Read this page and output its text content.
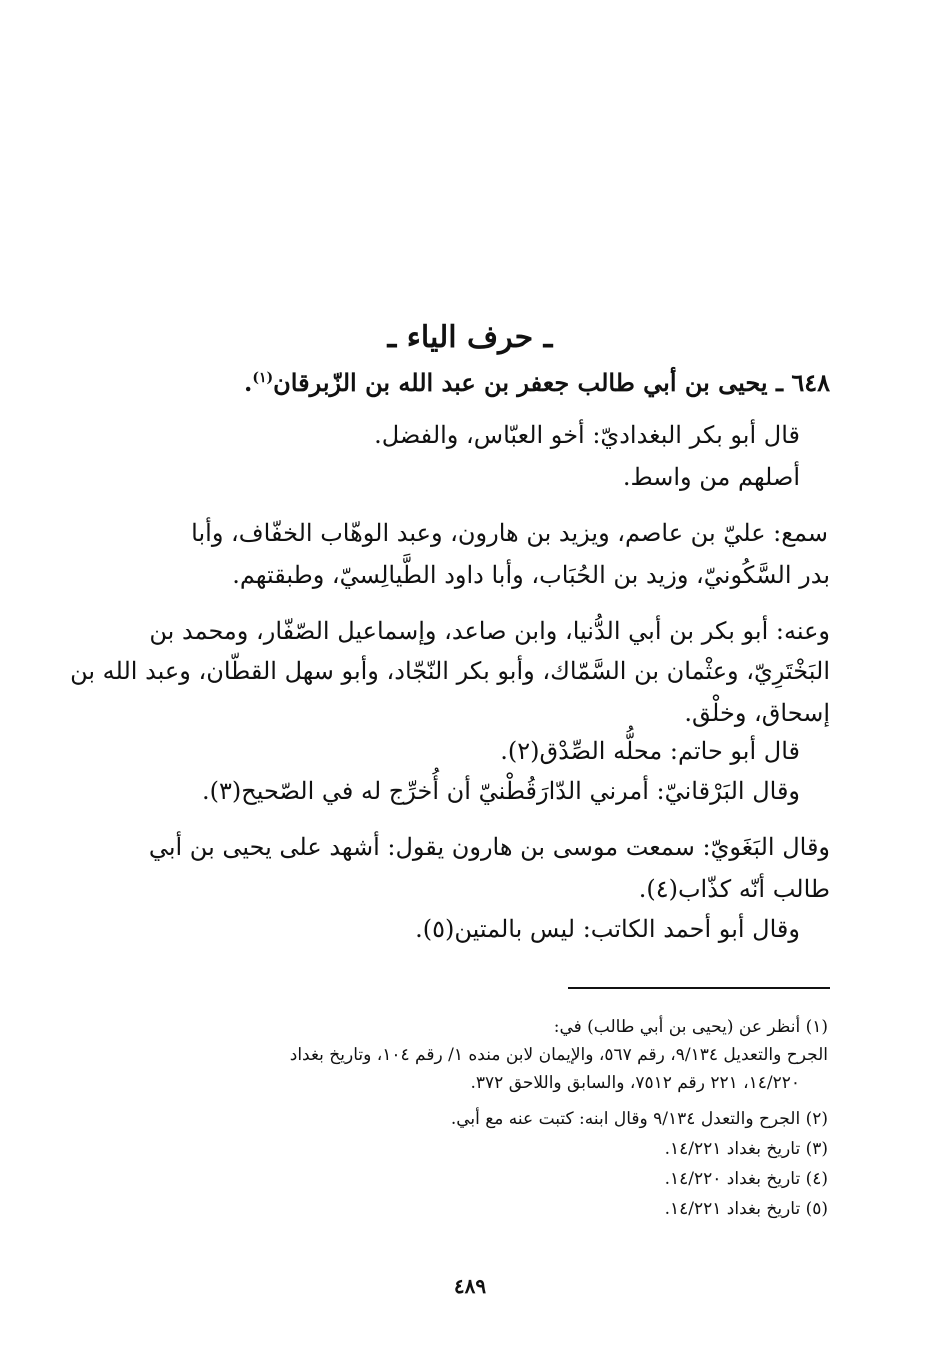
ـ حرف الياء ـ
٦٤٨ ـ يحيى بن أبي طالب جعفر بن عبد الله بن الزّبرقان$^{(١)}$.
قال أبو بكر البغداديّ: أخو العبّاس، والفضل.
أصلهم من واسط.
سمع: عليّ بن عاصم، ويزيد بن هارون، وعبد الوهّاب الخفّاف، وأبا
بدر السَّكُونيّ، وزيد بن الحُبَاب، وأبا داود الطَّيالِسيّ، وطبقتهم.
وعنه: أبو بكر بن أبي الدُّنيا، وابن صاعد، وإسماعيل الصّفّار، ومحمد بن
البَخْتَرِيّ، وعثْمان بن السَّمّاك، وأبو بكر النّجّاد، وأبو سهل القطّان، وعبد الله بن
إسحاق، وخلْق.
قال أبو حاتم: محلُّه الصِّدْق(٢).
وقال البَرْقانيّ: أمرني الدّارَقُطْنيّ أن أُخرِّج له في الصّحيح(٣).
وقال البَغَويّ: سمعت موسى بن هارون يقول: أشهد على يحيى بن أبي
طالب أنّه كذّاب(٤).
وقال أبو أحمد الكاتب: ليس بالمتين(٥).
(١) أنظر عن (يحيى بن أبي طالب) في:
الجرح والتعديل ٩/١٣٤، رقم ٥٦٧، والإيمان لابن منده ١/ رقم ١٠٤، وتاريخ بغداد
١٤/٢٢٠، ٢٢١ رقم ٧٥١٢، والسابق واللاحق ٣٧٢.
(٢) الجرح والتعدل ٩/١٣٤ وقال ابنه: كتبت عنه مع أبي.
(٣) تاريخ بغداد ١٤/٢٢١.
(٤) تاريخ بغداد ١٤/٢٢٠.
(٥) تاريخ بغداد ١٤/٢٢١.
٤٨٩
